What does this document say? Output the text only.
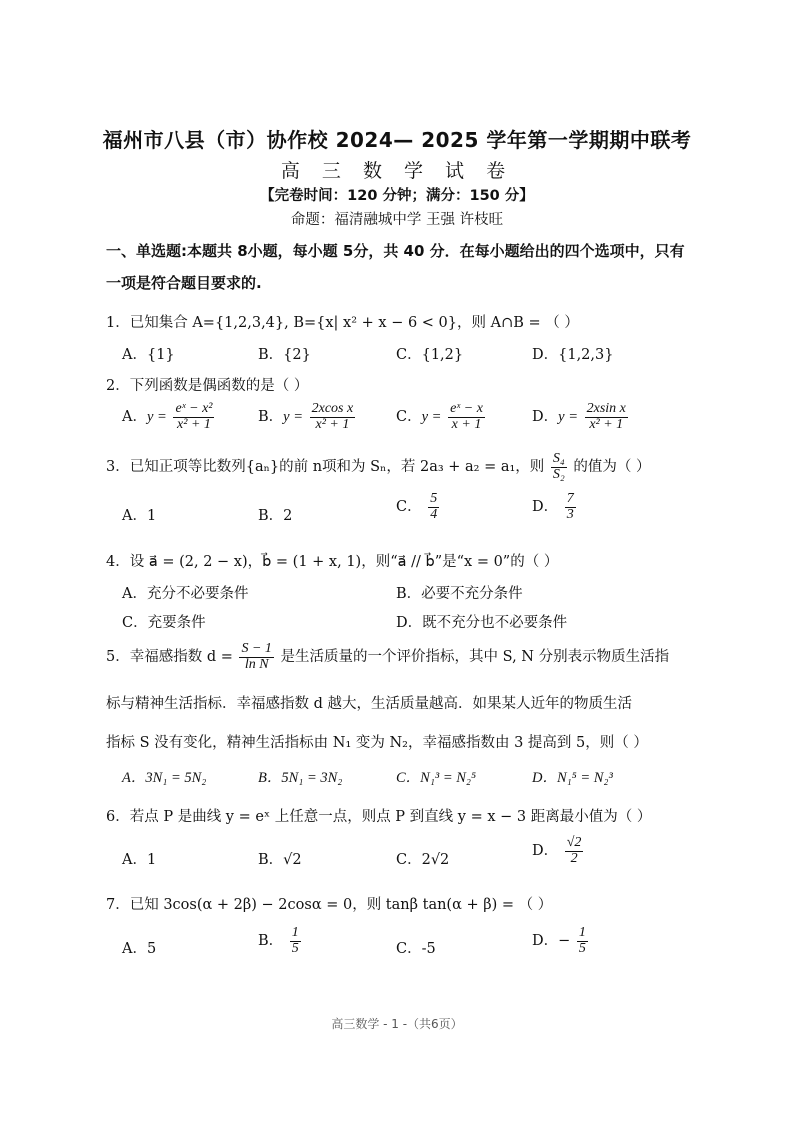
福州市八县（市）协作校 2024— 2025 学年第一学期期中联考
高 三 数 学 试 卷
【完卷时间：120 分钟；满分：150 分】
命题：福清融城中学 王强 许枝旺
一、单选题:本题共 8小题，每小题 5分，共 40 分．在每小题给出的四个选项中，只有
一项是符合题目要求的.
1．已知集合 A={1,2,3,4}, B={x| x² + x − 6 < 0}，则 A∩B = （ ）
A．{1}	B．{2}	C．{1,2}	D．{1,2,3}
2．下列函数是偶函数的是（ ）
A．$y = \frac{\text{eˣ − x²}}{\text{x² + 1}}$	B．$y = \frac{\text{2xcos x}}{\text{x² + 1}}$	C．$y = \frac{\text{eˣ − x}}{x + 1}$	D．$y = \frac{\text{2xsin x}}{\text{x² + 1}}$
3．已知正项等比数列{aₙ}的前 n项和为 Sₙ，若 2a₃ + a₂ = a₁，则 $\frac{\text{S₄}}{\text{S₂}}$ 的值为（ ）
A．1	B．2
C． $\frac{5}{4}$	D． $\frac{7}{3}$
4．设 a⃗ = (2, 2 − x)，b⃗ = (1 + x, 1)，则“a⃗ // b⃗”是“x = 0”的（ ）
A．充分不必要条件	B．必要不充分条件
C．充要条件	D．既不充分也不必要条件
5．幸福感指数 $d = \frac{S - 1}{\text{ln N}}$ 是生活质量的一个评价指标，其中 S, N 分别表示物质生活指
标与精神生活指标．幸福感指数 d 越大，生活质量越高．如果某人近年的物质生活
指标 S 没有变化，精神生活指标由 N₁ 变为 N₂，幸福感指数由 3 提高到 5，则（ ）
A．3N₁ = 5N₂	B．5N₁ = 3N₂	C．N₁³ = N₂⁵	D．N₁⁵ = N₂³
6．若点 P 是曲线 y = eˣ 上任意一点，则点 P 到直线 y = x − 3 距离最小值为（ ）
A．1	B．√2	C．2√2
D． $\frac{√2}{2}$
7．已知 3cos(α + 2β) − 2cosα = 0，则 tanβ tan(α + β) = （ ）
A．5	B． $\frac{1}{5}$	C．-5	D．− $\frac{1}{5}$
高三数学 - 1 -（共6页）
